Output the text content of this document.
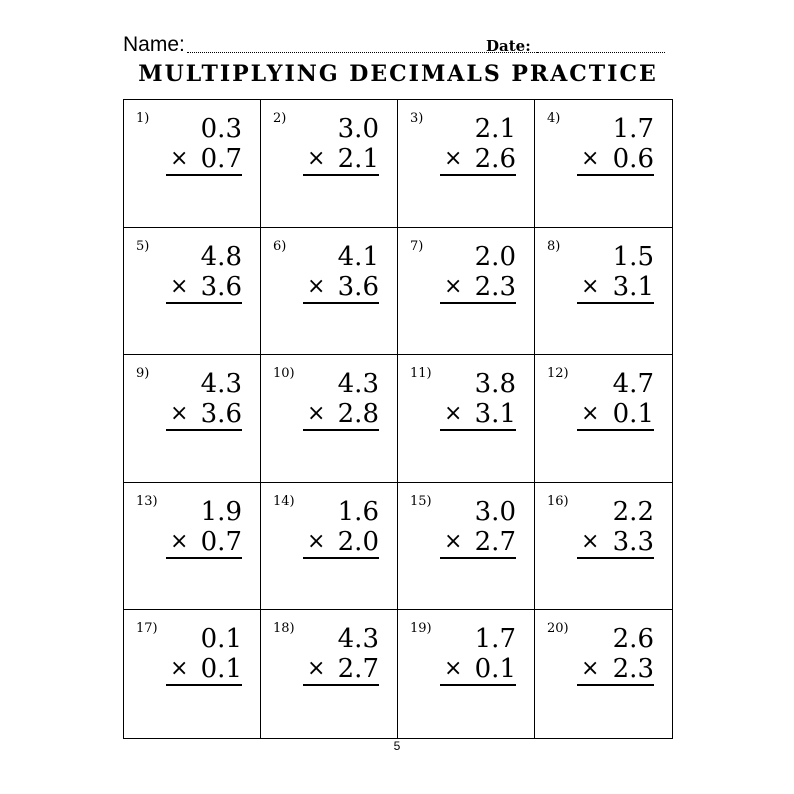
Name:	Date:
MULTIPLYING DECIMALS PRACTICE
1) 0.3
× 0.7
2) 3.0
× 2.1
3) 2.1
× 2.6
4) 1.7
× 0.6
5) 4.8
× 3.6
6) 4.1
× 3.6
7) 2.0
× 2.3
8) 1.5
× 3.1
9) 4.3
× 3.6
10) 4.3
× 2.8
11) 3.8
× 3.1
12) 4.7
× 0.1
13) 1.9
× 0.7
14) 1.6
× 2.0
15) 3.0
× 2.7
16) 2.2
× 3.3
17) 0.1
× 0.1
18) 4.3
× 2.7
19) 1.7
× 0.1
20) 2.6
× 2.3
5
